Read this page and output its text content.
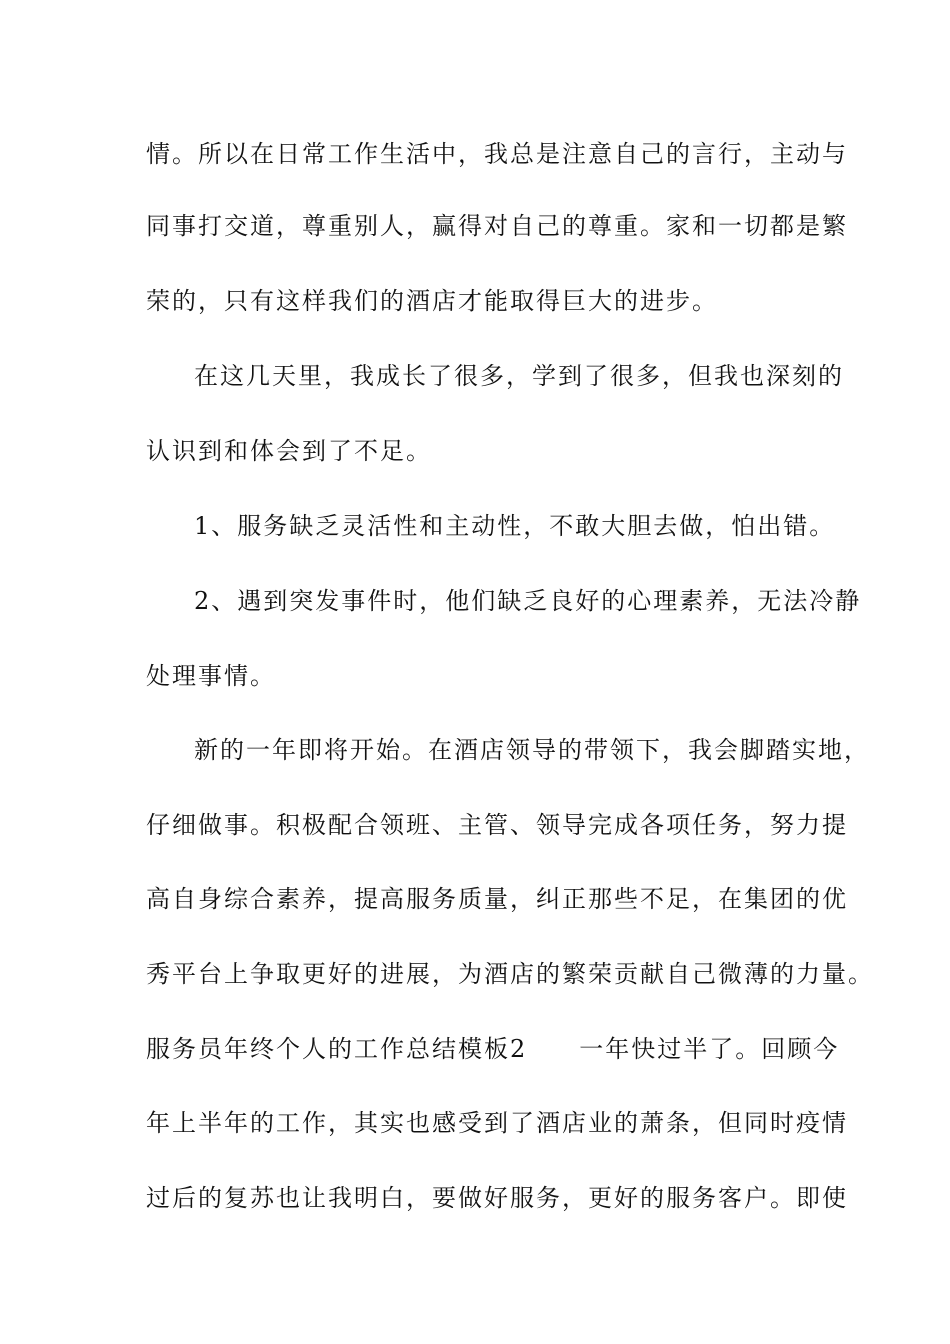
情。所以在日常工作生活中，我总是注意自己的言行，主动与
同事打交道，尊重别人，赢得对自己的尊重。家和一切都是繁
荣的，只有这样我们的酒店才能取得巨大的进步。
在这几天里，我成长了很多，学到了很多，但我也深刻的
认识到和体会到了不足。
1、服务缺乏灵活性和主动性，不敢大胆去做，怕出错。
2、遇到突发事件时，他们缺乏良好的心理素养，无法冷静
处理事情。
新的一年即将开始。在酒店领导的带领下，我会脚踏实地，
仔细做事。积极配合领班、主管、领导完成各项任务，努力提
高自身综合素养，提高服务质量，纠正那些不足，在集团的优
秀平台上争取更好的进展，为酒店的繁荣贡献自己微薄的力量。
服务员年终个人的工作总结模板2　　一年快过半了。回顾今
年上半年的工作，其实也感受到了酒店业的萧条，但同时疫情
过后的复苏也让我明白，要做好服务，更好的服务客户。即使
